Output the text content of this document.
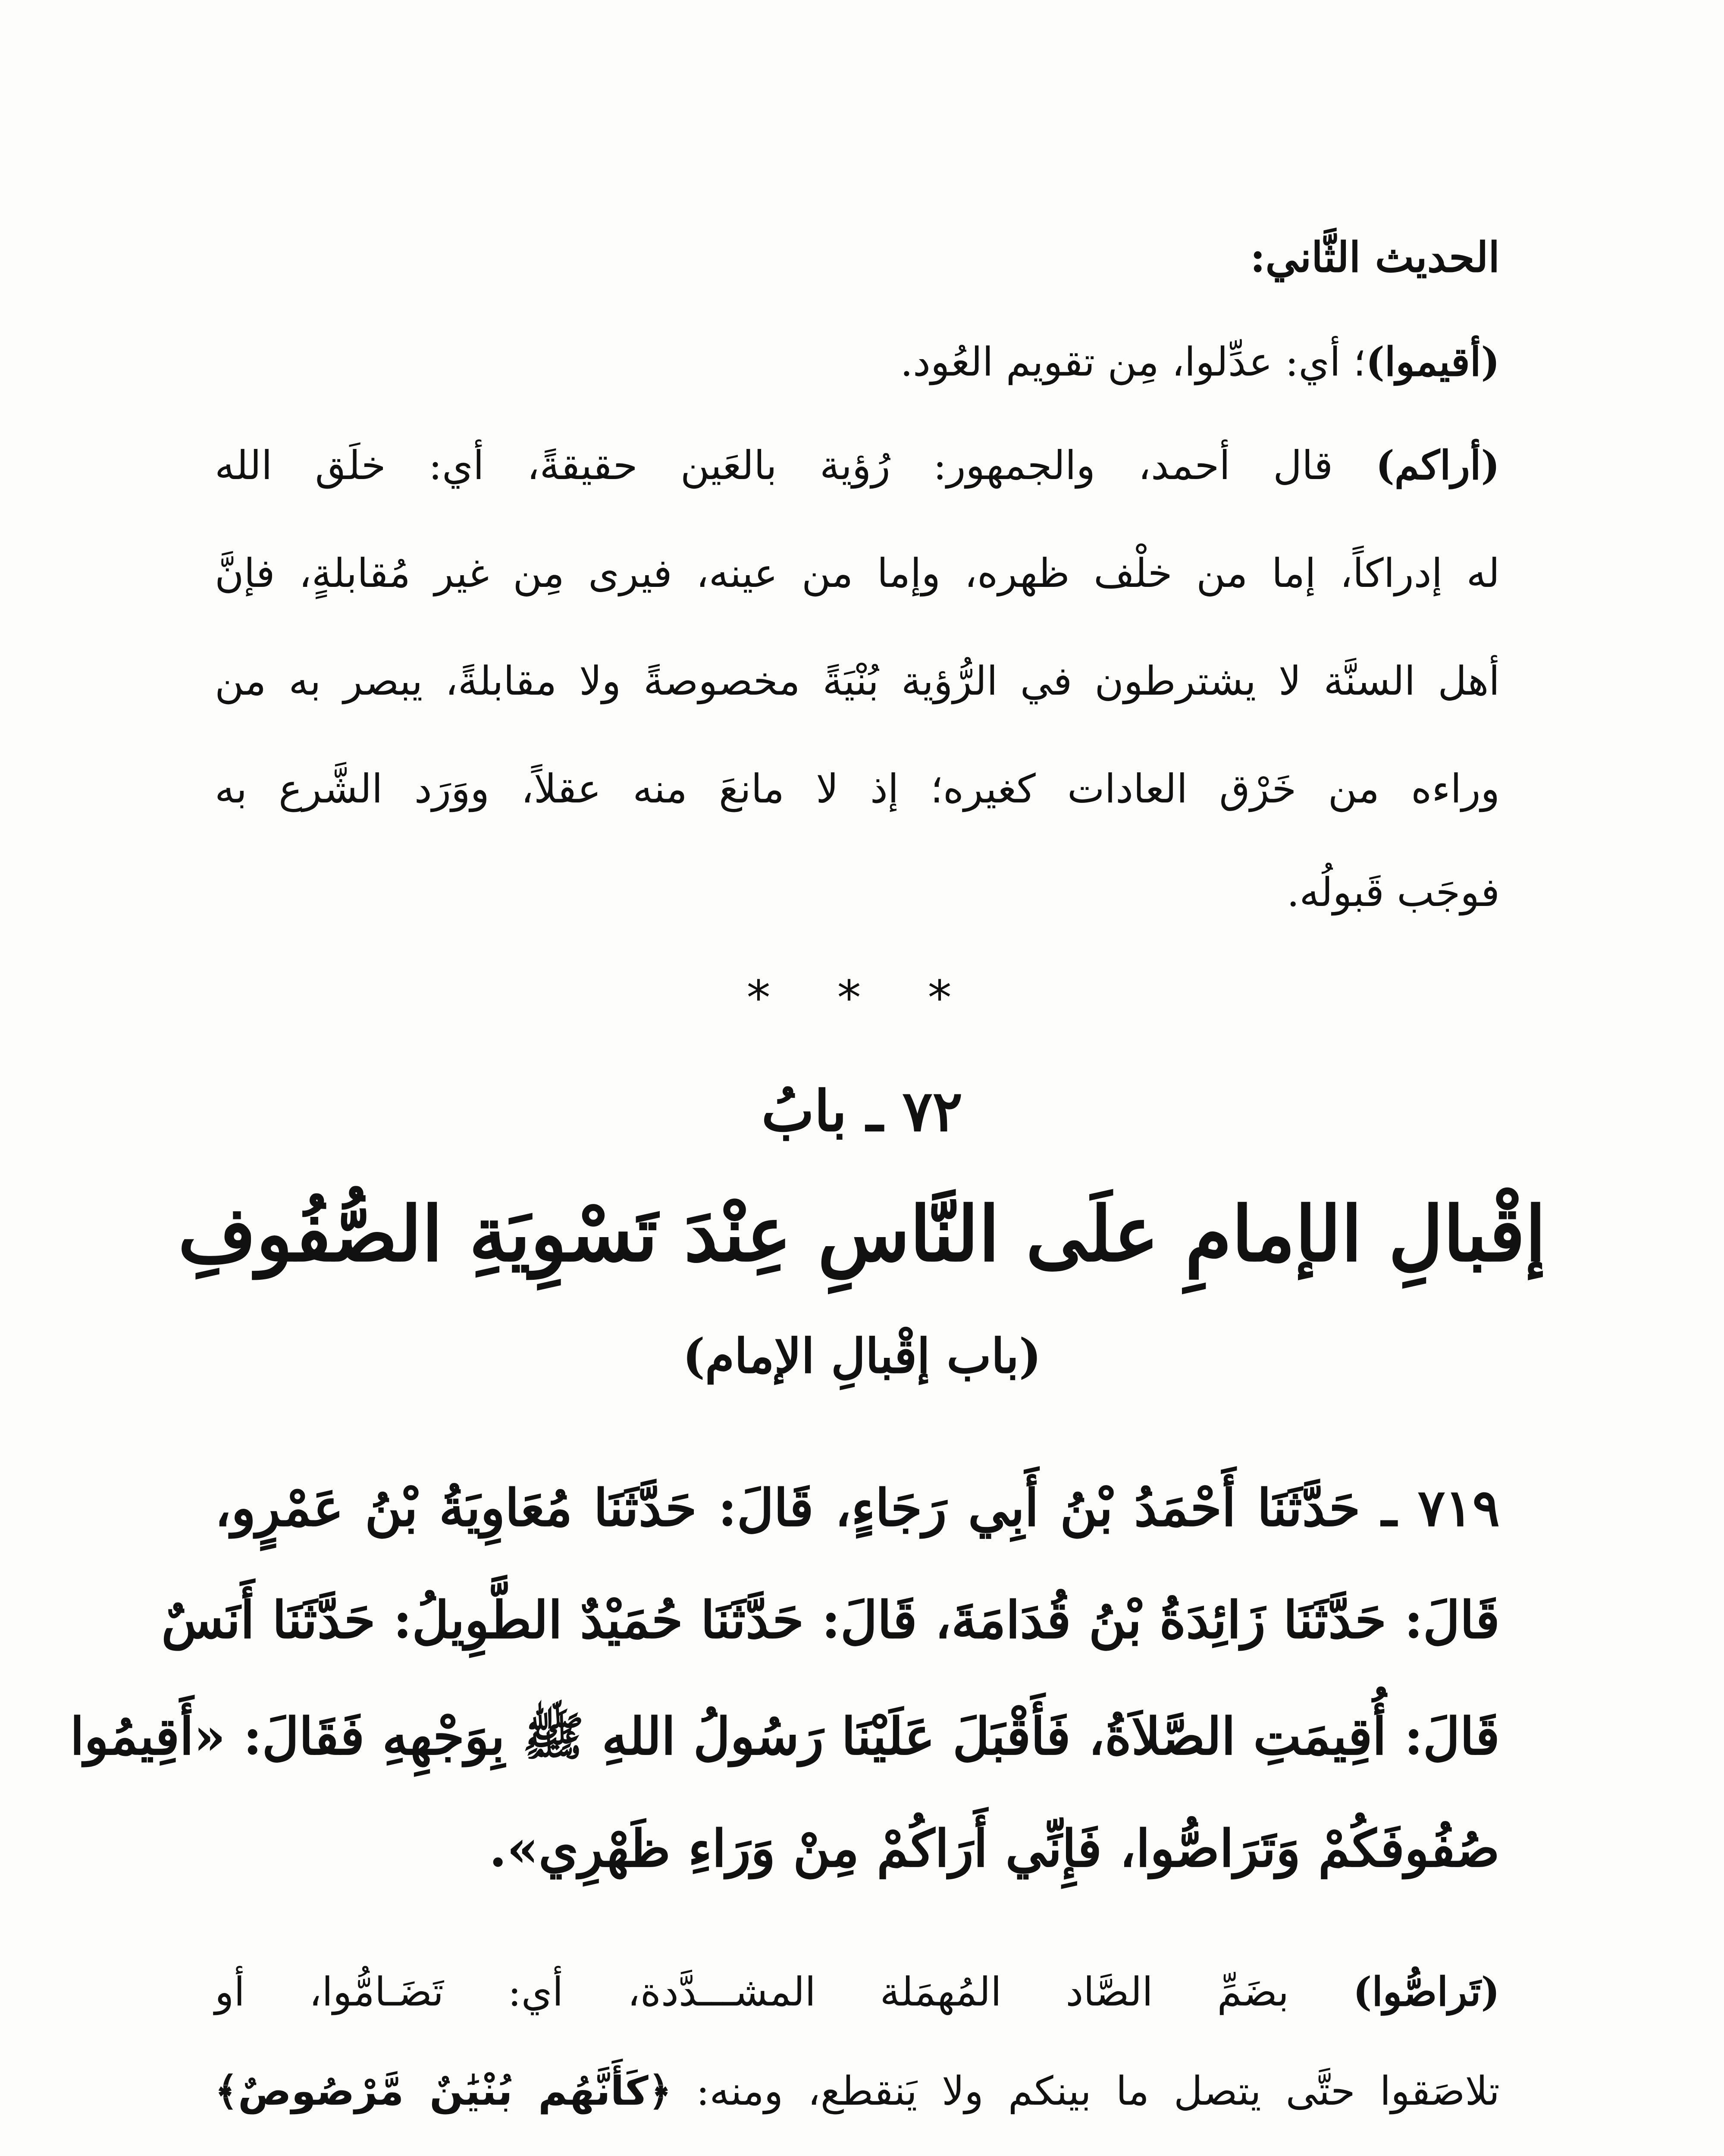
الحديث الثَّاني:
(أقيموا)؛ أي: عدِّلوا، مِن تقويم العُود.
(أراكم) قال أحمد، والجمهور: رُؤية بالعَين حقيقةً، أي: خلَق الله
له إدراكاً، إما من خلْف ظهره، وإما من عينه، فيرى مِن غير مُقابلةٍ، فإنَّ
أهل السنَّة لا يشترطون في الرُّؤية بُنْيَةً مخصوصةً ولا مقابلةً، يبصر به من
وراءه من خَرْق العادات كغيره؛ إذ لا مانعَ منه عقلاً، ووَرَد الشَّرع به
فوجَب قَبولُه.
* * *
٧٢ ـ بابُ
إقْبالِ الإمامِ علَى النَّاسِ عِنْدَ تَسْوِيَةِ الصُّفُوفِ
(باب إقْبالِ الإمام)
٧١٩ ـ حَدَّثَنَا أَحْمَدُ بْنُ أَبِي رَجَاءٍ، قَالَ: حَدَّثَنَا مُعَاوِيَةُ بْنُ عَمْرٍو،
قَالَ: حَدَّثَنَا زَائِدَةُ بْنُ قُدَامَةَ، قَالَ: حَدَّثَنَا حُمَيْدٌ الطَّوِيلُ: حَدَّثَنَا أَنَسٌ
قَالَ: أُقِيمَتِ الصَّلاَةُ، فَأَقْبَلَ عَلَيْنَا رَسُولُ اللهِ ﷺ بِوَجْهِهِ فَقَالَ: «أَقِيمُوا
صُفُوفَكُمْ وَتَرَاصُّوا، فَإِنِّي أَرَاكُمْ مِنْ وَرَاءِ ظَهْرِي».
(تَراصُّوا) بضَمِّ الصَّاد المُهمَلة المشـــدَّدة، أي: تَضَـامُّوا، أو
تلاصَقوا حتَّى يتصل ما بينكم ولا يَنقطع، ومنه: ﴿كَأَنَّهُم بُنْيَٰنٌ مَّرْصُوصٌ﴾
